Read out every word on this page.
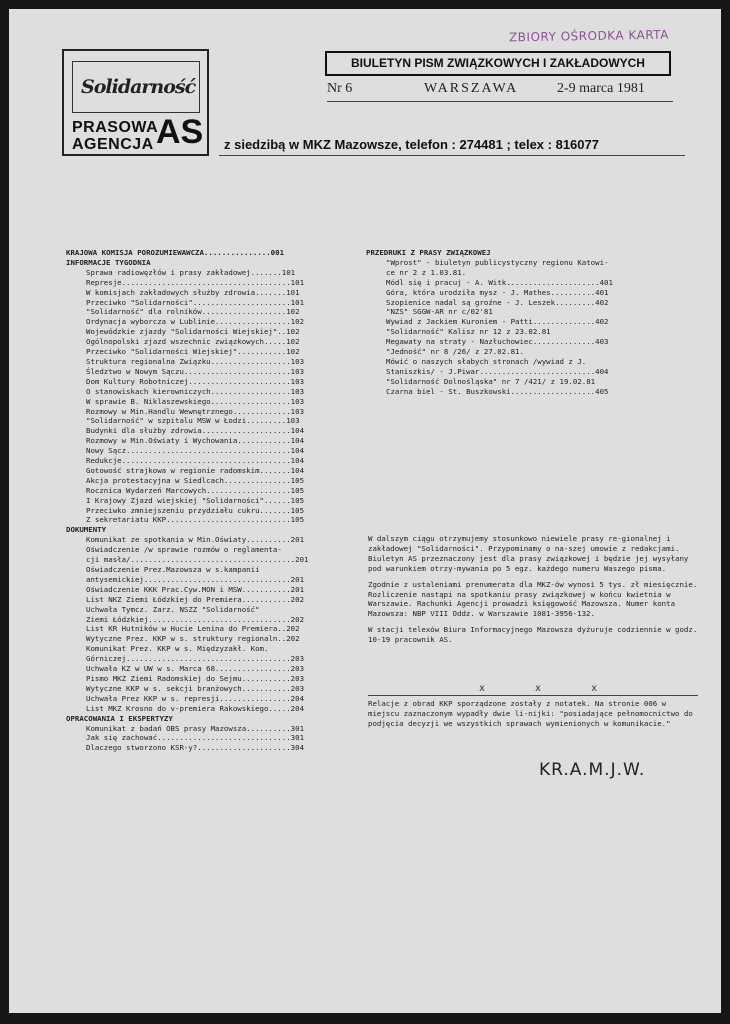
ZBIORY OŚRODKA KARTA
Solidarność
PRASOWA
AGENCJA AS
BIULETYN PISM ZWIĄZKOWYCH I ZAKŁADOWYCH
Nr 6	WARSZAWA	2-9 marca 1981
z siedzibą w MKZ Mazowsze, telefon : 274481 ; telex : 816077
KRAJOWA KOMISJA POROZUMIEWAWCZA...............001
INFORMACJE TYGODNIA
Sprawa radiowęzłów i prasy zakładowej.......101
Represje......................................101
W komisjach zakładowych służby zdrowia.......101
Przeciwko "Solidarności"......................101
"Solidarność" dla rolników...................102
Ordynacja wyborcza w Lublinie.................102
Wojewódzkie zjazdy "Solidarności Wiejskiej"..102
Ogólnopolski zjazd wszechnic związkowych.....102
Przeciwko "Solidarności Wiejskiej"...........102
Struktura regionalna Związku..................103
Śledztwo w Nowym Sączu........................103
Dom Kultury Robotniczej.......................103
O stanowiskach kierowniczych..................103
W sprawie B. Niklaszewskiego..................103
Rozmowy w Min.Handlu Wewnętrznego.............103
"Solidarność" w szpitalu MSW w Łodzi.........103
Budynki dla służby zdrowia....................104
Rozmowy w Min.Oświaty i Wychowania............104
Nowy Sącz.....................................104
Redukcje......................................104
Gotowość strajkowa w regionie radomskim.......104
Akcja protestacyjna w Siedlcach...............105
Rocznica Wydarzeń Marcowych...................105
I Krajowy Zjazd wiejskiej "Solidarności"......105
Przeciwko zmniejszeniu przydziału cukru.......105
Z sekretariatu KKP............................105
DOKUMENTY
Komunikat ze spotkania w Min.Oświaty..........201
Oświadczenie /w sprawie rozmów o reglamenta-
cji masła/.....................................201
Oświadczenie Prez.Mazowsza w s.kampanii
antysemickiej.................................201
Oświadczenie KKK Prac.Cyw.MON i MSW...........201
List NKZ Ziemi Łódzkiej do Premiera...........202
Uchwała Tymcz. Zarz. NSZZ "Solidarność"
Ziemi Łódzkiej................................202
List KR Hutników w Hucie Lenina do Premiera..202
Wytyczne Prez. KKP w s. struktury regionaln..202
Komunikat Prez. KKP w s. Międzyzakł. Kom.
Górniczej.....................................203
Uchwała KZ w UW w s. Marca 68.................203
Pismo MKZ Ziemi Radomskiej do Sejmu...........203
Wytyczne KKP w s. sekcji branżowych...........203
Uchwała Prez KKP w s. represji................204
List MKZ Krosno do v-premiera Rakowskiego.....204
OPRACOWANIA I EKSPERTYZY
Komunikat z badań OBS prasy Mazowsza..........301
Jak się zachować..............................301
Dlaczego stworzono KSR-y?.....................304
PRZEDRUKI Z PRASY ZWIĄZKOWEJ
"Wprost" - biuletyn publicystyczny regionu Katowi-
ce nr 2 z 1.03.81.
Módl się i pracuj - A. Witk.....................401
Góra, która urodziła mysz - J. Mathes..........401
Szopienice nadal są groźne - J. Leszek.........402
"NZS" SGGW-AR nr c/02'81
Wywiad z Jackiem Kuroniem - Patti..............402
"Solidarność" Kalisz nr 12 z 23.02.81
Megawaty na straty - Nazłuchowiec..............403
"Jedność" nr 8 /26/ z 27.02.81.
Mówić o naszych słabych stronach /wywiad z J.
Staniszkis/ - J.Piwar..........................404
"Solidarność Dolnośląska" nr 7 /421/ z 19.02.81
Czarna biel - St. Buszkowski...................405

W dalszym ciągu otrzymujemy stosunkowo niewiele prasy re-gionalnej i zakładowej "Solidarności". Przypominamy o na-szej umowie z redakcjami. Biuletyn AS przeznaczony jest dla prasy związkowej i będzie jej wysyłany pod warunkiem otrzy-mywania po 5 egz. każdego numeru Waszego pisma.

Zgodnie z ustaleniami prenumerata dla MKZ-ów wynosi 5 tys. zł miesięcznie. Rozliczenie nastąpi na spotkaniu prasy związkowej w końcu kwietnia w Warszawie. Rachunki Agencji prowadzi księgowość Mazowsza. Numer konta Mazowsza: NBP VIII Oddz. w Warszawie 1081-3956-132.

W stacji telexów Biura Informacyjnego Mazowsza dyżuruje codziennie w godz. 10-19 pracownik AS.

x x x
Relacje z obrad KKP sporządzone zostały z notatek. Na stronie 006 w miejscu zaznaczonym wypadły dwie li-nijki: "posiadające pełnomocnictwo do podjęcia decyzji we wszystkich sprawach wymienionych w komunikacie."
KR.A.M.J.W.
